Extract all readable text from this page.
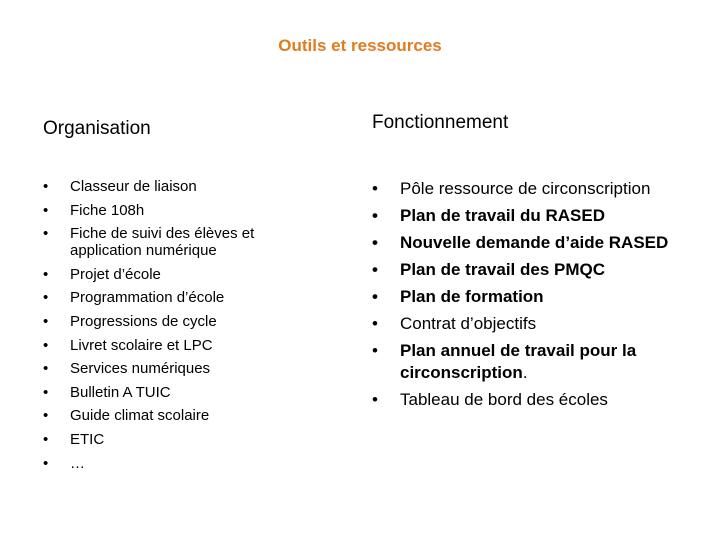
Outils et ressources
Organisation
• Classeur de liaison
• Fiche 108h
• Fiche de suivi des élèves et application numérique
• Projet d’école
• Programmation d’école
• Progressions de cycle
• Livret scolaire et LPC
• Services numériques
• Bulletin A TUIC
• Guide climat scolaire
• ETIC
• …
Fonctionnement
• Pôle ressource de circonscription
• Plan de travail du RASED
• Nouvelle demande d’aide RASED
• Plan de travail des PMQC
• Plan de formation
• Contrat d’objectifs
• Plan annuel de travail pour la circonscription.
• Tableau de bord des écoles
